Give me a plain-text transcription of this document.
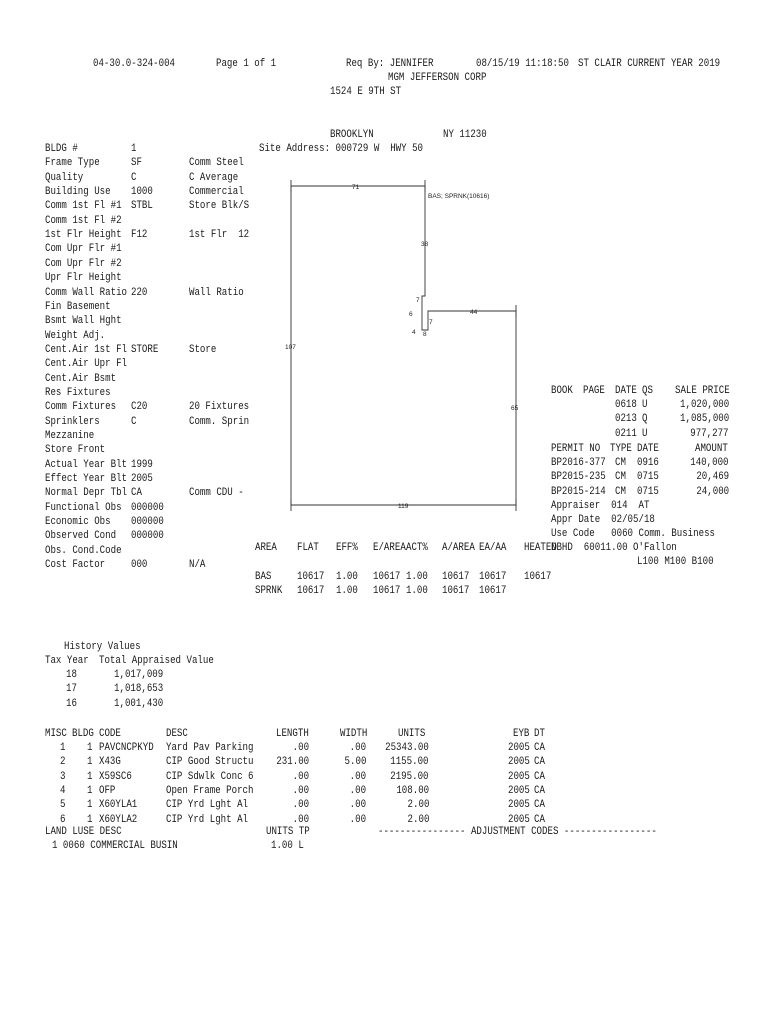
04-30.0-324-004	Page 1 of 1	Req By: JENNIFER	08/15/19 11:18:50 ST CLAIR CURRENT YEAR 2019
MGM JEFFERSON CORP
1524 E 9TH ST
BROOKLYN	NY 11230
Site Address: 000729 W  HWY 50
BLDG #	1
Frame Type	SF	Comm Steel
Quality	C	C Average
Building Use 1000	Commercial
Comm 1st Fl #1 STBL	Store Blk/S
Comm 1st Fl #2
1st Flr Height F12	1st Flr  12
Com Upr Flr #1
Com Upr Flr #2
Upr Flr Height
Comm Wall Ratio 220	Wall Ratio
Fin Basement
Bsmt Wall Hght
Weight Adj.
Cent.Air 1st Fl STORE	Store
Cent.Air Upr Fl
Cent.Air Bsmt
Res Fixtures
Comm Fixtures C20	20 Fixtures
Sprinklers	C	Comm. Sprin
Mezzanine
Store Front
Actual Year Blt 1999
Effect Year Blt 2005
Normal Depr Tbl CA	Comm CDU -
Functional Obs 000000
Economic Obs 000000
Observed Cond 000000
Obs. Cond.Code
Cost Factor 000	N/A
BAS; SPRNK(10616)
71
38
7
6
7
4 8
44
107
65
119
BOOK PAGE DATE QS SALE PRICE
0618 U	1,020,000
0213 Q	1,085,000
0211 U	977,277
PERMIT NO TYPE DATE	AMOUNT
BP2016-377 CM 0916	140,000
BP2015-235 CM 0715	20,469
BP2015-214 CM 0715	24,000
Appraiser  014  AT
Appr Date  02/05/18
Use Code   0060 Comm. Business
NBHD  60011.00 O'Fallon
L100 M100 B100
AREA FLAT EFF% E/AREA ACT% A/AREA EA/AA HEATED
BAS 10617 1.00 10617 1.00 10617 10617 10617
SPRNK 10617 1.00 10617 1.00 10617 10617
History Values
Tax Year Total Appraised Value
18	1,017,009
17	1,018,653
16	1,001,430
MISC BLDG CODE	DESC	LENGTH	WIDTH	UNITS	EYB DT
1 1 PAVCNCPKYD Yard Pav Parking	.00	.00 25343.00	2005 CA
2 1 X43G	CIP Good Structu 231.00	5.00 1155.00	2005 CA
3 1 X59SC6	CIP Sdwlk Conc 6	.00	.00 2195.00	2005 CA
4 1 OFP	Open Frame Porch	.00	.00	108.00	2005 CA
5 1 X60YLA1	CIP Yrd Lght Al	.00	.00	2.00	2005 CA
6 1 X60YLA2	CIP Yrd Lght Al	.00	.00	2.00	2005 CA
LAND LUSE DESC	UNITS TP	---------------- ADJUSTMENT CODES -----------------
1 0060 COMMERCIAL BUSIN	1.00 L
